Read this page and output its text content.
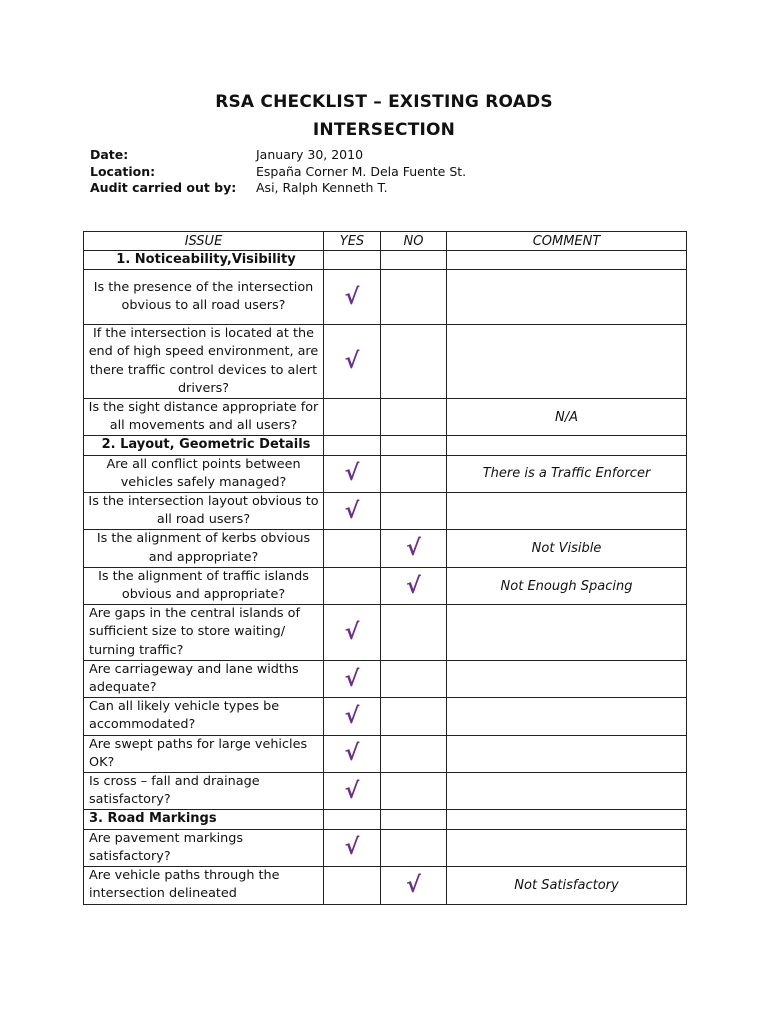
RSA CHECKLIST – EXISTING ROADS
INTERSECTION
Date:	January 30, 2010
Location:	España Corner M. Dela Fuente St.
Audit carried out by:	Asi, Ralph Kenneth T.
ISSUE	YES	NO	COMMENT
1. Noticeability,Visibility			
Is the presence of the intersection obvious to all road users?	√		
If the intersection is located at the end of high speed environment, are there traffic control devices to alert drivers?	√		
Is the sight distance appropriate for all movements and all users?			N/A
2. Layout, Geometric Details			
Are all conflict points between vehicles safely managed?	√		There is a Traffic Enforcer
Is the intersection layout obvious to all road users?	√		
Is the alignment of kerbs obvious and appropriate?		√	Not Visible
Is the alignment of traffic islands obvious and appropriate?		√	Not Enough Spacing
Are gaps in the central islands of sufficient size to store waiting/ turning traffic?	√		
Are carriageway and lane widths adequate?	√		
Can all likely vehicle types be accommodated?	√		
Are swept paths for large vehicles OK?	√		
Is cross – fall and drainage satisfactory?	√		
3. Road Markings			
Are pavement markings satisfactory?	√		
Are vehicle paths through the intersection delineated		√	Not Satisfactory
